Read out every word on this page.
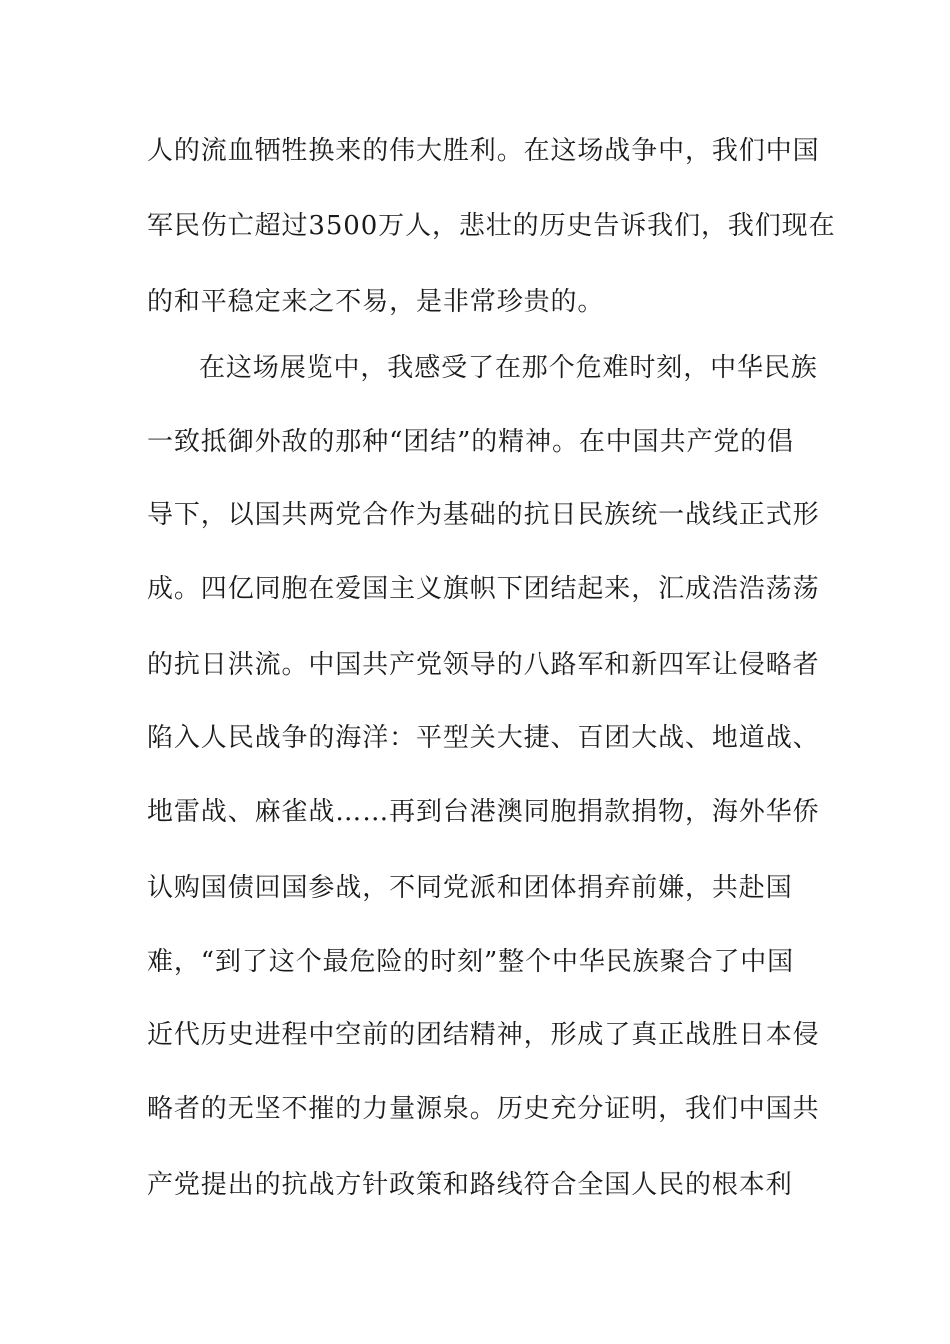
人的流血牺牲换来的伟大胜利。在这场战争中，我们中国
军民伤亡超过3500万人，悲壮的历史告诉我们，我们现在
的和平稳定来之不易，是非常珍贵的。
在这场展览中，我感受了在那个危难时刻，中华民族
一致抵御外敌的那种“团结”的精神。在中国共产党的倡
导下，以国共两党合作为基础的抗日民族统一战线正式形
成。四亿同胞在爱国主义旗帜下团结起来，汇成浩浩荡荡
的抗日洪流。中国共产党领导的八路军和新四军让侵略者
陷入人民战争的海洋：平型关大捷、百团大战、地道战、
地雷战、麻雀战……再到台港澳同胞捐款捐物，海外华侨
认购国债回国参战，不同党派和团体捐弃前嫌，共赴国
难，“到了这个最危险的时刻”整个中华民族聚合了中国
近代历史进程中空前的团结精神，形成了真正战胜日本侵
略者的无坚不摧的力量源泉。历史充分证明，我们中国共
产党提出的抗战方针政策和路线符合全国人民的根本利
